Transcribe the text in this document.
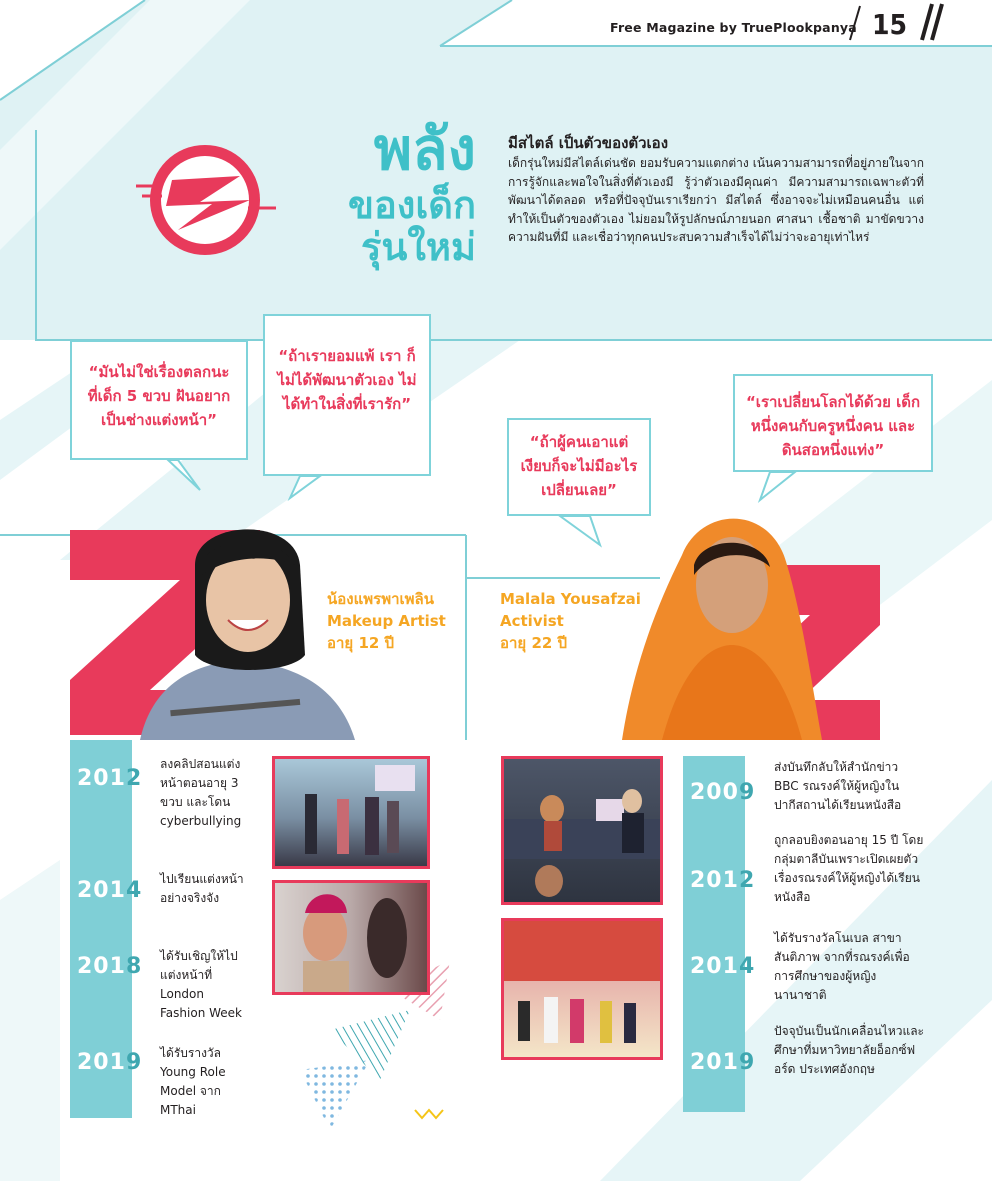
Free Magazine by TruePlookpanya 15
พลัง
ของเด็ก
รุ่นใหม่
มีสไตล์ เป็นตัวของตัวเอง
เด็กรุ่นใหม่มีสไตล์เด่นชัด ยอมรับความแตกต่าง เน้นความสามารถที่อยู่ภายในจากการรู้จักและพอใจในสิ่งที่ตัวเองมี รู้ว่าตัวเองมีคุณค่า มีความสามารถเฉพาะตัวที่พัฒนาได้ตลอด หรือที่ปัจจุบันเราเรียกว่า มีสไตล์ ซึ่งอาจจะไม่เหมือนคนอื่น แต่ทำให้เป็นตัวของตัวเอง ไม่ยอมให้รูปลักษณ์ภายนอก ศาสนา เชื้อชาติ มาขัดขวางความฝันที่มี และเชื่อว่าทุกคนประสบความสำเร็จได้ไม่ว่าจะอายุเท่าไหร่
“มันไม่ใช่เรื่องตลกนะ ที่เด็ก 5 ขวบ ฝันอยาก เป็นช่างแต่งหน้า”
“ถ้าเรายอมแพ้ เรา ก็ไม่ได้พัฒนาตัวเอง ไม่ได้ทำในสิ่งที่เรารัก”
“ถ้าผู้คนเอาแต่ เงียบก็จะไม่มีอะไร เปลี่ยนเลย”
“เราเปลี่ยนโลกได้ด้วย เด็กหนึ่งคนกับครูหนึ่งคน และดินสอหนึ่งแท่ง”
น้องแพรพาเพลิน
Makeup Artist
อายุ 12 ปี
Malala Yousafzai
Activist
อายุ 22 ปี
2012
ลงคลิปสอนแต่งหน้าตอนอายุ 3 ขวบ และโดน cyberbullying
2014 ไปเรียนแต่งหน้าอย่างจริงจัง
2018 ได้รับเชิญให้ไปแต่งหน้าที่ London Fashion Week
2019 ได้รับรางวัล Young Role Model จาก MThai
2009
ส่งบันทึกลับให้สำนักข่าว BBC รณรงค์ให้ผู้หญิงในปากีสถานได้เรียนหนังสือ
2012
ถูกลอบยิงตอนอายุ 15 ปี โดยกลุ่มตาลีบันเพราะเปิดเผยตัวเรื่องรณรงค์ให้ผู้หญิงได้เรียนหนังสือ
2014
ได้รับรางวัลโนเบล สาขาสันติภาพ จากที่รณรงค์เพื่อการศึกษาของผู้หญิงนานาชาติ
2019
ปัจจุบันเป็นนักเคลื่อนไหวและศึกษาที่มหาวิทยาลัยอ็อกซ์ฟอร์ด ประเทศอังกฤษ
